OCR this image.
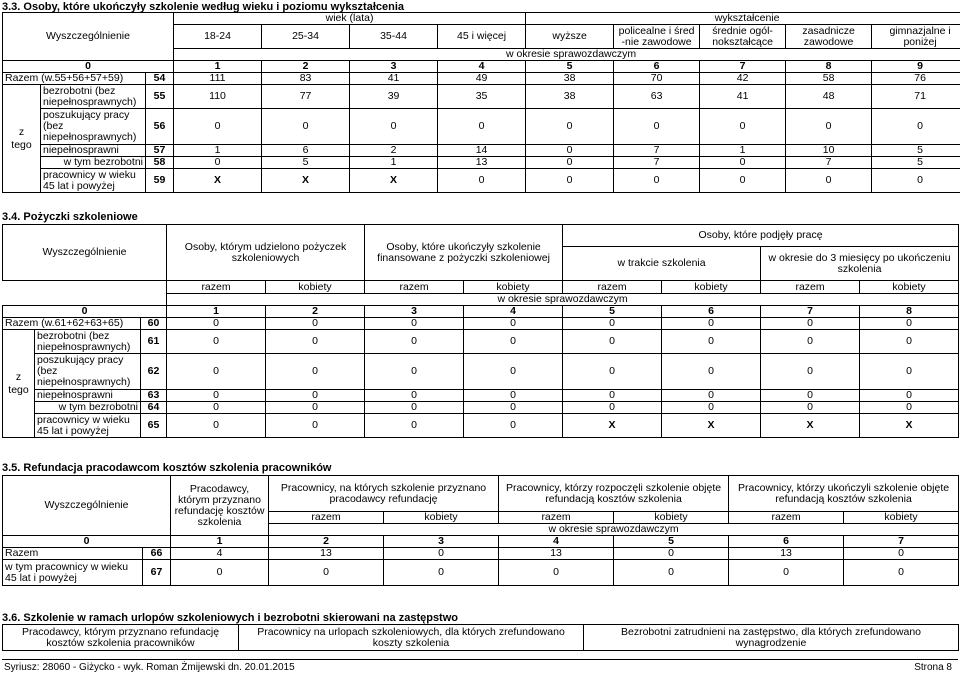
3.3. Osoby, które ukończyły szkolenie według wieku i poziomu wykształcenia
Wyszczególnienie			wiek (lata)				wykształcenie				
			18-24	25-34	35-44	45 i więcej	wyższe	policealne i śred -nie zawodowe	średnie ogól- nokształcące	zasadnicze zawodowe	gimnazjalne i poniżej
			w okresie sprawozdawczym								
0			1	2	3	4	5	6	7	8	9
Razem (w.55+56+57+59)		54	111	83	41	49	38	70	42	58	76
z
tego	bezrobotni (bez niepełnosprawnych)	55	110	77	39	35	38	63	41	48	71
	poszukujący pracy (bez niepełnosprawnych)	56	0	0	0	0	0	0	0	0	0
	niepełnosprawni	57	1	6	2	14	0	7	1	10	5
	w tym bezrobotni	58	0	5	1	13	0	7	0	7	5
	pracownicy w wieku 45 lat i powyżej	59	X	X	X	0	0	0	0	0	0
3.4. Pożyczki szkoleniowe
Wyszczególnienie			Osoby, którym udzielono pożyczek szkoleniowych		Osoby, które ukończyły szkolenie finansowane z pożyczki szkoleniowej		Osoby, które podjęły pracę			
							w trakcie szkolenia		w okresie do 3 miesięcy po ukończeniu szkolenia	

			razem	kobiety	razem	kobiety	razem	kobiety	razem	kobiety
			w okresie sprawozdawczym							
0			1	2	3	4	5	6	7	8
Razem (w.61+62+63+65)		60	0	0	0	0	0	0	0	0
z
tego	bezrobotni (bez niepełnosprawnych)	61	0	0	0	0	0	0	0	0
	poszukujący pracy (bez niepełnosprawnych)	62	0	0	0	0	0	0	0	0
	niepełnosprawni	63	0	0	0	0	0	0	0	0
	w tym bezrobotni	64	0	0	0	0	0	0	0	0
	pracownicy w wieku 45 lat i powyżej	65	0	0	0	0	X	X	X	X
3.5. Refundacja pracodawcom kosztów szkolenia pracowników
Wyszczególnienie		Pracodawcy, którym przyznano refundację kosztów szkolenia	Pracownicy, na których szkolenie przyznano pracodawcy refundację		Pracownicy, którzy rozpoczęli szkolenie objęte refundacją kosztów szkolenia		Pracownicy, którzy ukończyli szkolenie objęte refundacją kosztów szkolenia	
			razem	kobiety	razem	kobiety	razem	kobiety
			w okresie sprawozdawczym					
0		1	2	3	4	5	6	7
Razem	66	4	13	0	13	0	13	0
w tym pracownicy w wieku 45 lat i powyżej	67	0	0	0	0	0	0	0
3.6. Szkolenie w ramach urlopów szkoleniowych i bezrobotni skierowani na zastępstwo
Pracodawcy, którym przyznano refundację kosztów szkolenia pracowników	Pracownicy na urlopach szkoleniowych, dla których zrefundowano koszty szkolenia	Bezrobotni zatrudnieni na zastępstwo, dla których zrefundowano wynagrodzenie
Syriusz: 28060 - Giżycko - wyk. Roman Żmijewski dn. 20.01.2015	Strona 8
